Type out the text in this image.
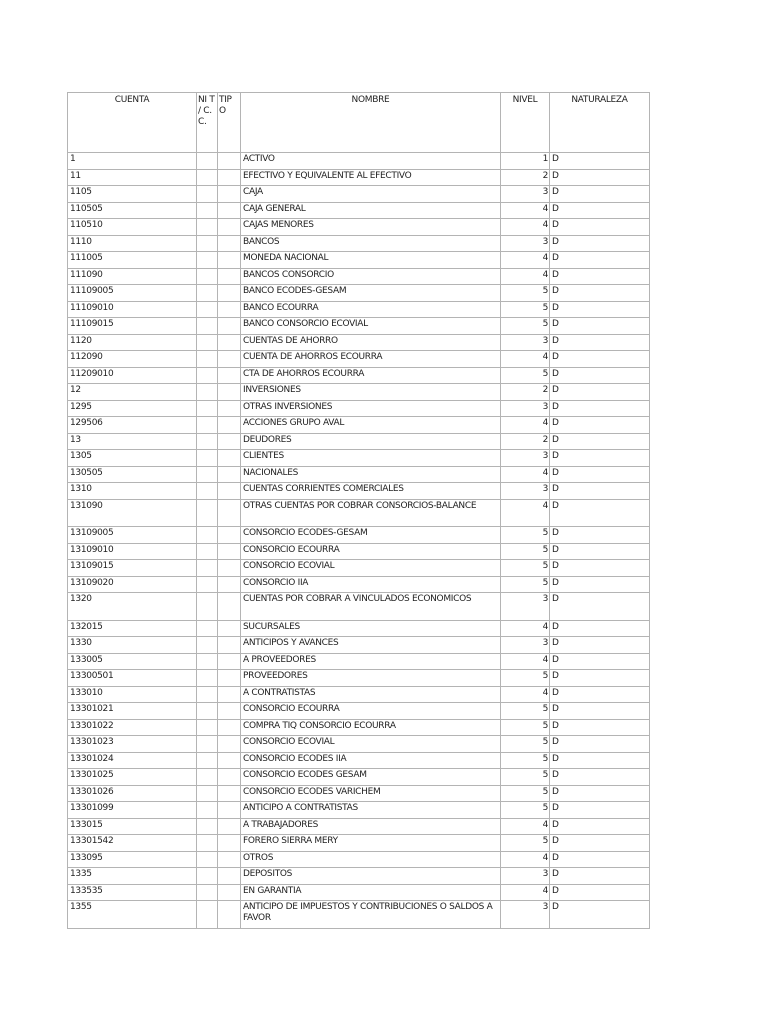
CUENTA	NI T / C. C.	TIP O	NOMBRE	NIVEL	NATURALEZA
1			ACTIVO	1	D
11			EFECTIVO Y EQUIVALENTE AL EFECTIVO	2	D
1105			CAJA	3	D
110505			CAJA GENERAL	4	D
110510			CAJAS MENORES	4	D
1110			BANCOS	3	D
111005			MONEDA NACIONAL	4	D
111090			BANCOS CONSORCIO	4	D
11109005			BANCO ECODES-GESAM	5	D
11109010			BANCO ECOURRA	5	D
11109015			BANCO CONSORCIO ECOVIAL	5	D
1120			CUENTAS DE AHORRO	3	D
112090			CUENTA DE AHORROS ECOURRA	4	D
11209010			CTA DE AHORROS ECOURRA	5	D
12			INVERSIONES	2	D
1295			OTRAS INVERSIONES	3	D
129506			ACCIONES GRUPO AVAL	4	D
13			DEUDORES	2	D
1305			CLIENTES	3	D
130505			NACIONALES	4	D
1310			CUENTAS CORRIENTES COMERCIALES	3	D
131090			OTRAS CUENTAS POR COBRAR CONSORCIOS-BALANCE	4	D
13109005			CONSORCIO ECODES-GESAM	5	D
13109010			CONSORCIO ECOURRA	5	D
13109015			CONSORCIO ECOVIAL	5	D
13109020			CONSORCIO IIA	5	D
1320			CUENTAS POR COBRAR A VINCULADOS ECONOMICOS	3	D
132015			SUCURSALES	4	D
1330			ANTICIPOS Y AVANCES	3	D
133005			A PROVEEDORES	4	D
13300501			PROVEEDORES	5	D
133010			A CONTRATISTAS	4	D
13301021			CONSORCIO ECOURRA	5	D
13301022			COMPRA TIQ CONSORCIO ECOURRA	5	D
13301023			CONSORCIO ECOVIAL	5	D
13301024			CONSORCIO ECODES IIA	5	D
13301025			CONSORCIO ECODES GESAM	5	D
13301026			CONSORCIO ECODES VARICHEM	5	D
13301099			ANTICIPO A CONTRATISTAS	5	D
133015			A TRABAJADORES	4	D
13301542			FORERO SIERRA MERY	5	D
133095			OTROS	4	D
1335			DEPOSITOS	3	D
133535			EN GARANTIA	4	D
1355			ANTICIPO DE IMPUESTOS Y CONTRIBUCIONES O SALDOS A FAVOR	3	D
